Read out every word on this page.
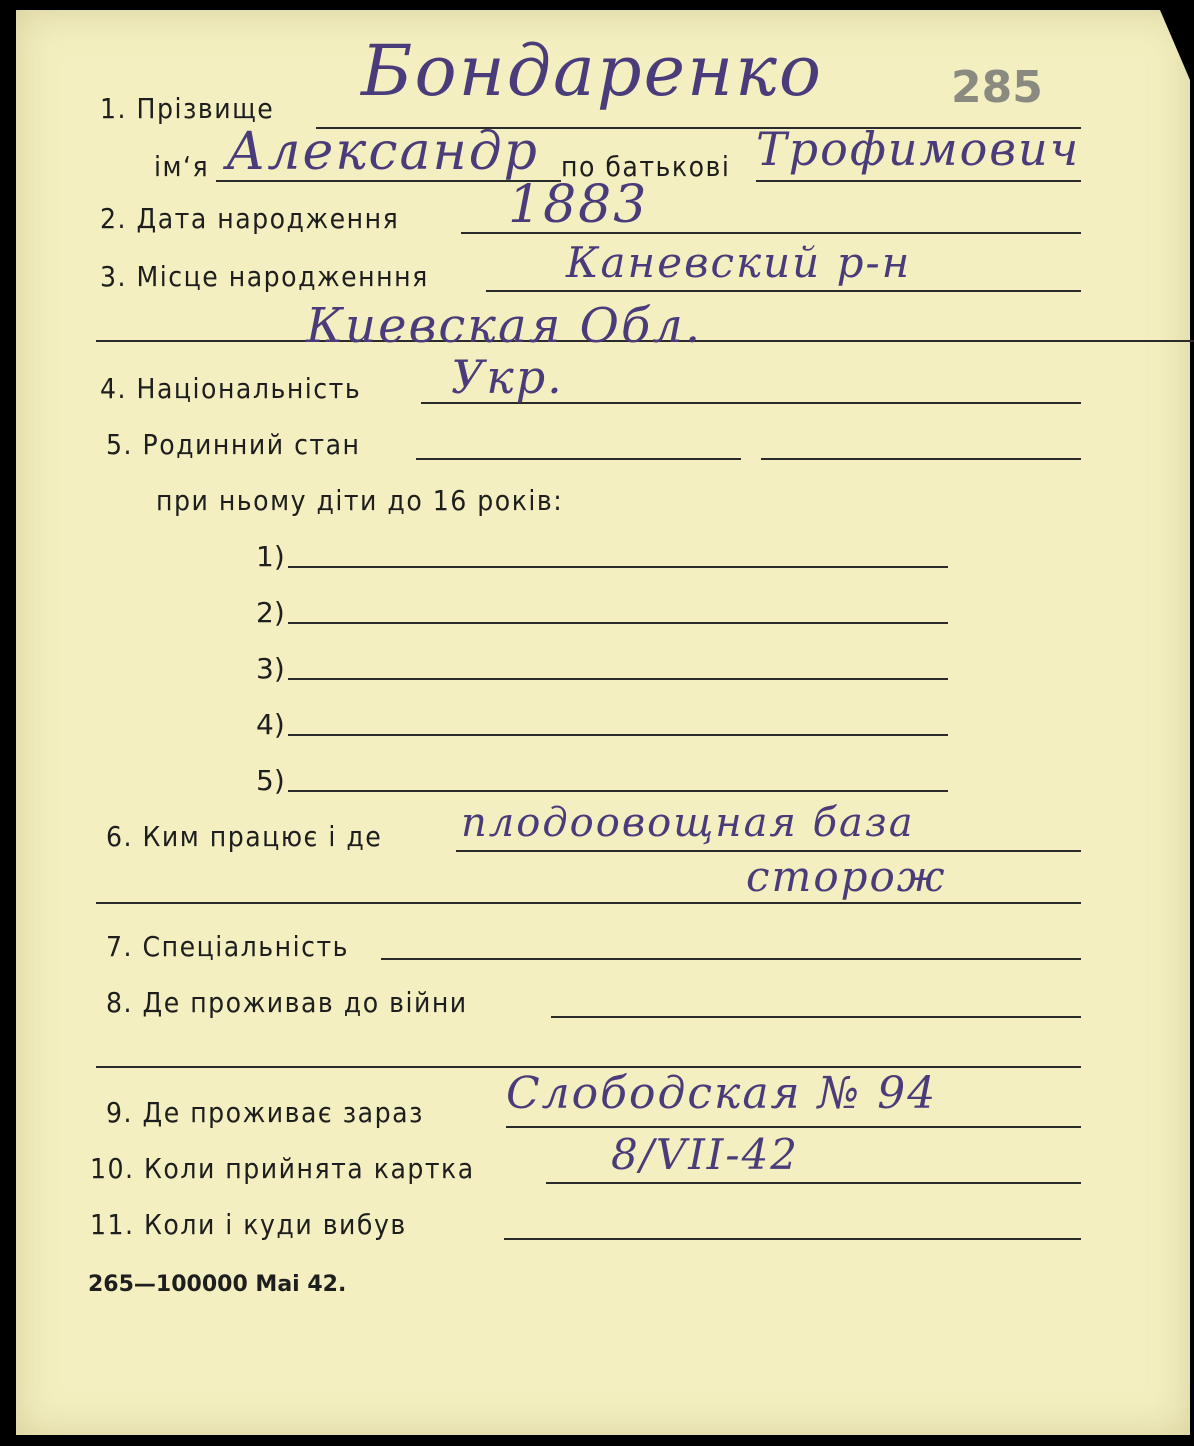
1. Прізвище Бондаренко	285
ім‘я Александр по батькові Трофимович
2. Дата народження 1883
3. Місце народженння	Каневский р-н
Киевская Обл.
4. Національність Укр.
5. Родинний стан
при ньому діти до 16 років:
1)
2)
3)
4)
5)
6. Ким працює і де плодоовощная база
сторож
7. Спеціальність
8. Де проживав до війни
9. Де проживає зараз Слободская № 94
10. Коли прийнята картка	8/VII-42
11. Коли і куди вибув
265—100000 Mai 42.
